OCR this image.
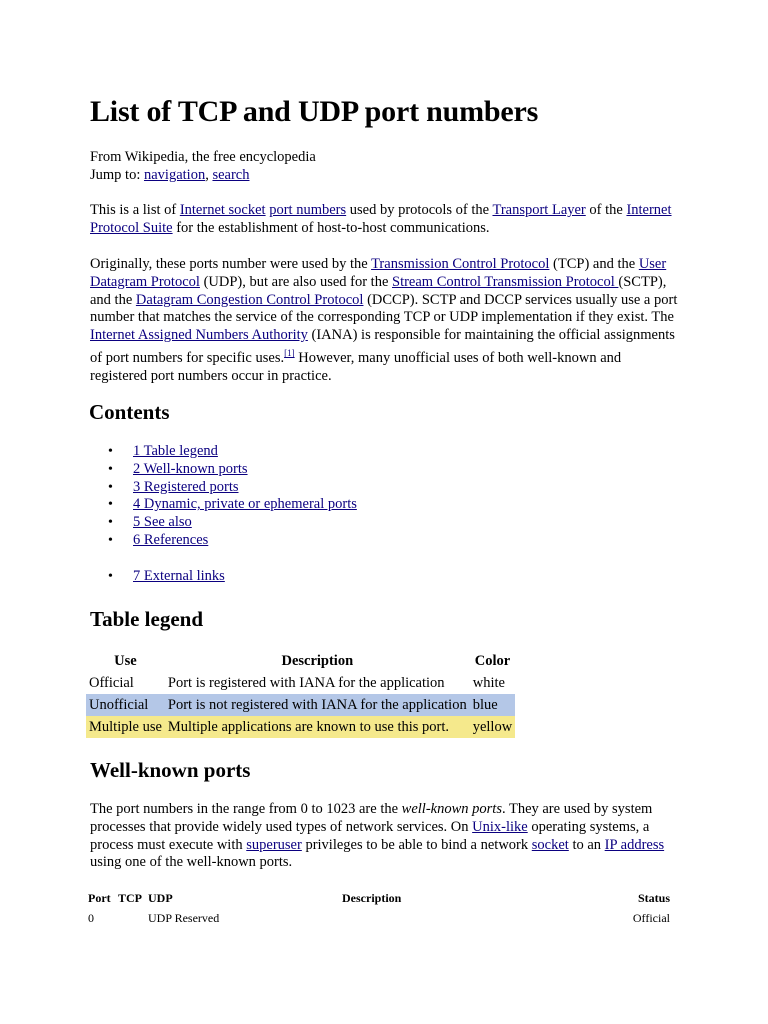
List of TCP and UDP port numbers
From Wikipedia, the free encyclopedia
Jump to: navigation, search
This is a list of Internet socket port numbers used by protocols of the Transport Layer of the Internet Protocol Suite for the establishment of host-to-host communications.
Originally, these ports number were used by the Transmission Control Protocol (TCP) and the User Datagram Protocol (UDP), but are also used for the Stream Control Transmission Protocol (SCTP), and the Datagram Congestion Control Protocol (DCCP). SCTP and DCCP services usually use a port number that matches the service of the corresponding TCP or UDP implementation if they exist. The Internet Assigned Numbers Authority (IANA) is responsible for maintaining the official assignments of port numbers for specific uses.[1] However, many unofficial uses of both well-known and registered port numbers occur in practice.
Contents
• 1 Table legend
• 2 Well-known ports
• 3 Registered ports
• 4 Dynamic, private or ephemeral ports
• 5 See also
• 6 References
• 7 External links
Table legend
Use	Description	Color
Official	Port is registered with IANA for the application	white
Unofficial	Port is not registered with IANA for the application	blue
Multiple use	Multiple applications are known to use this port.	yellow
Well-known ports
The port numbers in the range from 0 to 1023 are the well-known ports. They are used by system processes that provide widely used types of network services. On Unix-like operating systems, a process must execute with superuser privileges to be able to bind a network socket to an IP address using one of the well-known ports.
Port	TCP	UDP	Description	Status
0		UDP Reserved		Official
